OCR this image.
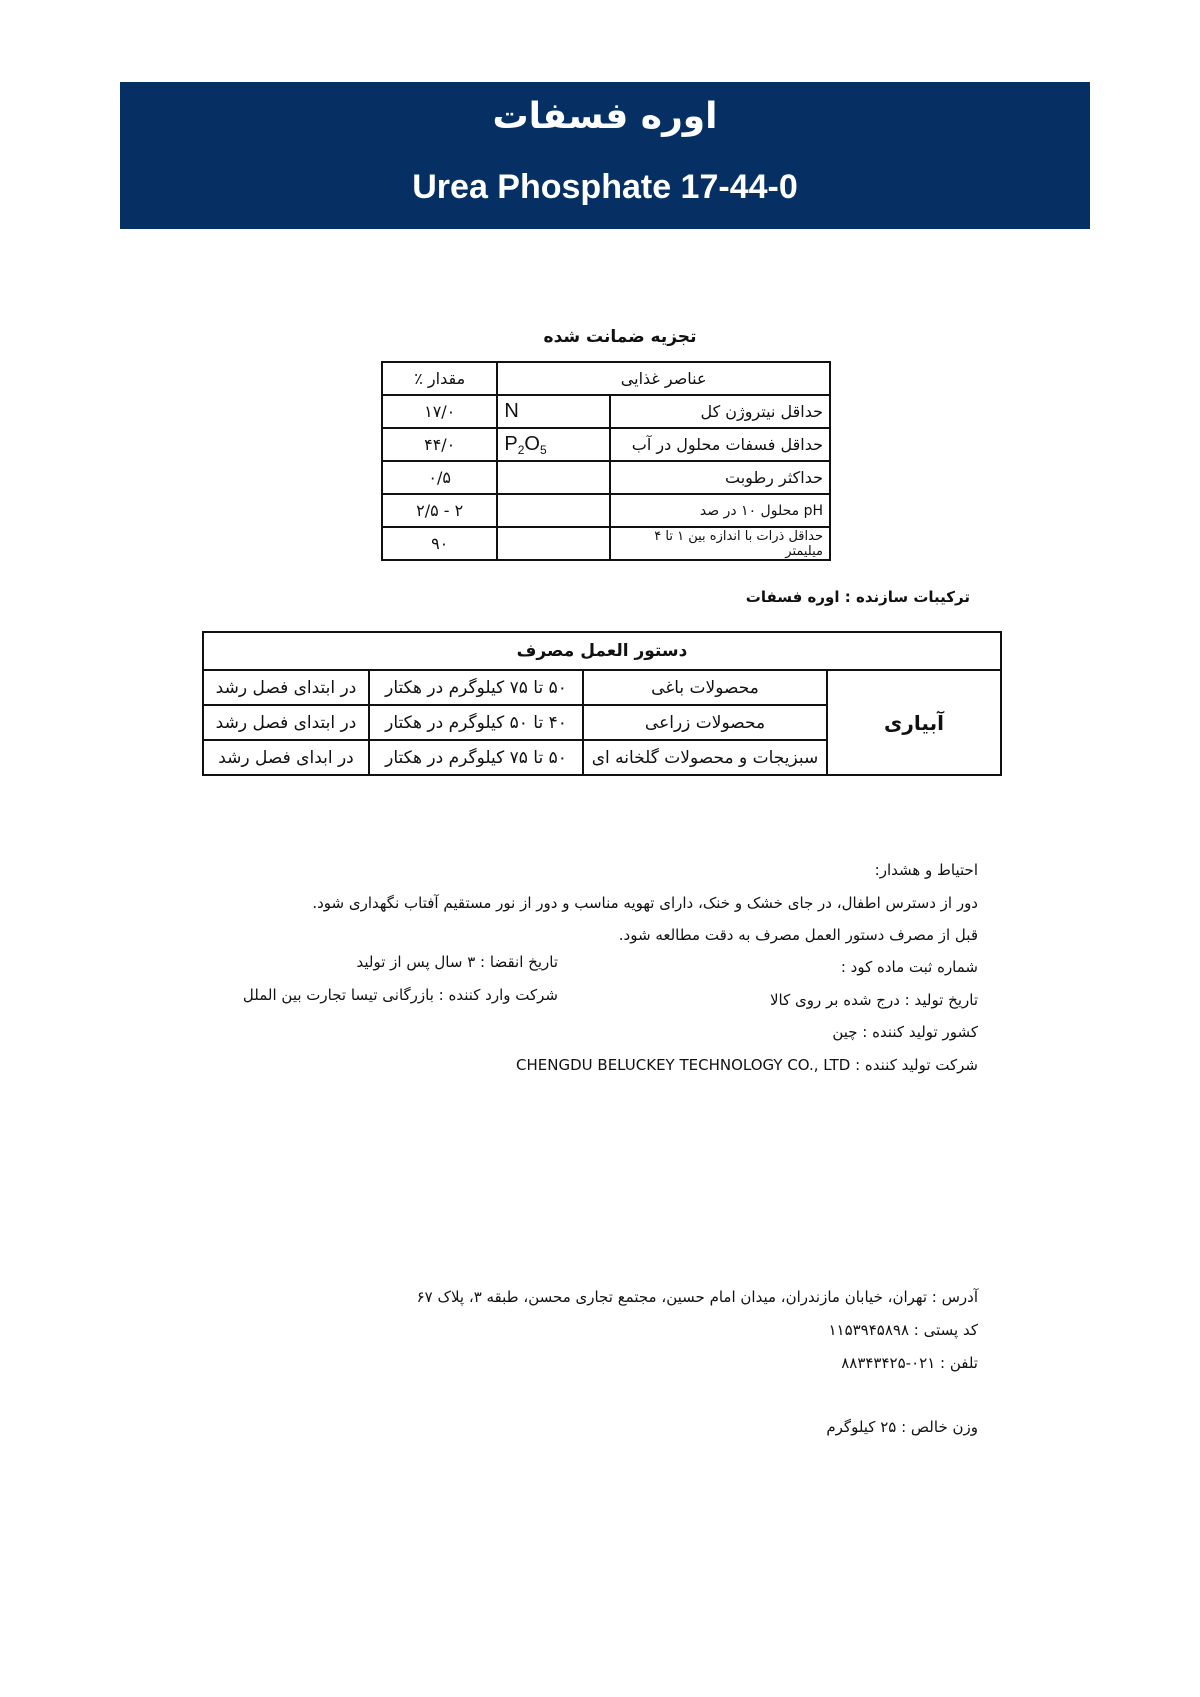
اوره فسفات
Urea Phosphate 17-44-0
تجزیه ضمانت شده
عناصر غذایی		مقدار ٪
حداقل نیتروژن کل	N	۱۷/۰
حداقل فسفات محلول در آب	$P_2O_5$	۴۴/۰
حداکثر رطوبت		۰/۵
pH محلول ۱۰ در صد		۲ - ۲/۵
حداقل ذرات با اندازه بین ۱ تا ۴ میلیمتر		۹۰
ترکیبات سازنده : اوره فسفات
دستور العمل مصرف			
آبیاری	محصولات باغی	۵۰ تا ۷۵ کیلوگرم در هکتار	در ابتدای فصل رشد
	محصولات زراعی	۴۰ تا ۵۰ کیلوگرم در هکتار	در ابتدای فصل رشد
	سبزیجات و محصولات گلخانه ای	۵۰ تا ۷۵ کیلوگرم در هکتار	در ابدای فصل رشد
احتیاط و هشدار:
دور از دسترس اطفال، در جای خشک و خنک، دارای تهویه مناسب و دور از نور مستقیم آفتاب نگهداری شود.
قبل از مصرف دستور العمل مصرف به دقت مطالعه شود.
شماره ثبت ماده کود :
تاریخ تولید : درج شده بر روی کالا
کشور تولید کننده : چین
شرکت تولید کننده : CHENGDU BELUCKEY TECHNOLOGY CO., LTD
تاریخ انقضا : ۳ سال پس از تولید
شرکت وارد کننده : بازرگانی تیسا تجارت بین الملل
آدرس : تهران، خیابان مازندران، میدان امام حسین، مجتمع تجاری محسن، طبقه ۳، پلاک ۶۷
کد پستی : ۱۱۵۳۹۴۵۸۹۸
تلفن : ۰۲۱-۸۸۳۴۳۴۲۵
وزن خالص : ۲۵ کیلوگرم
